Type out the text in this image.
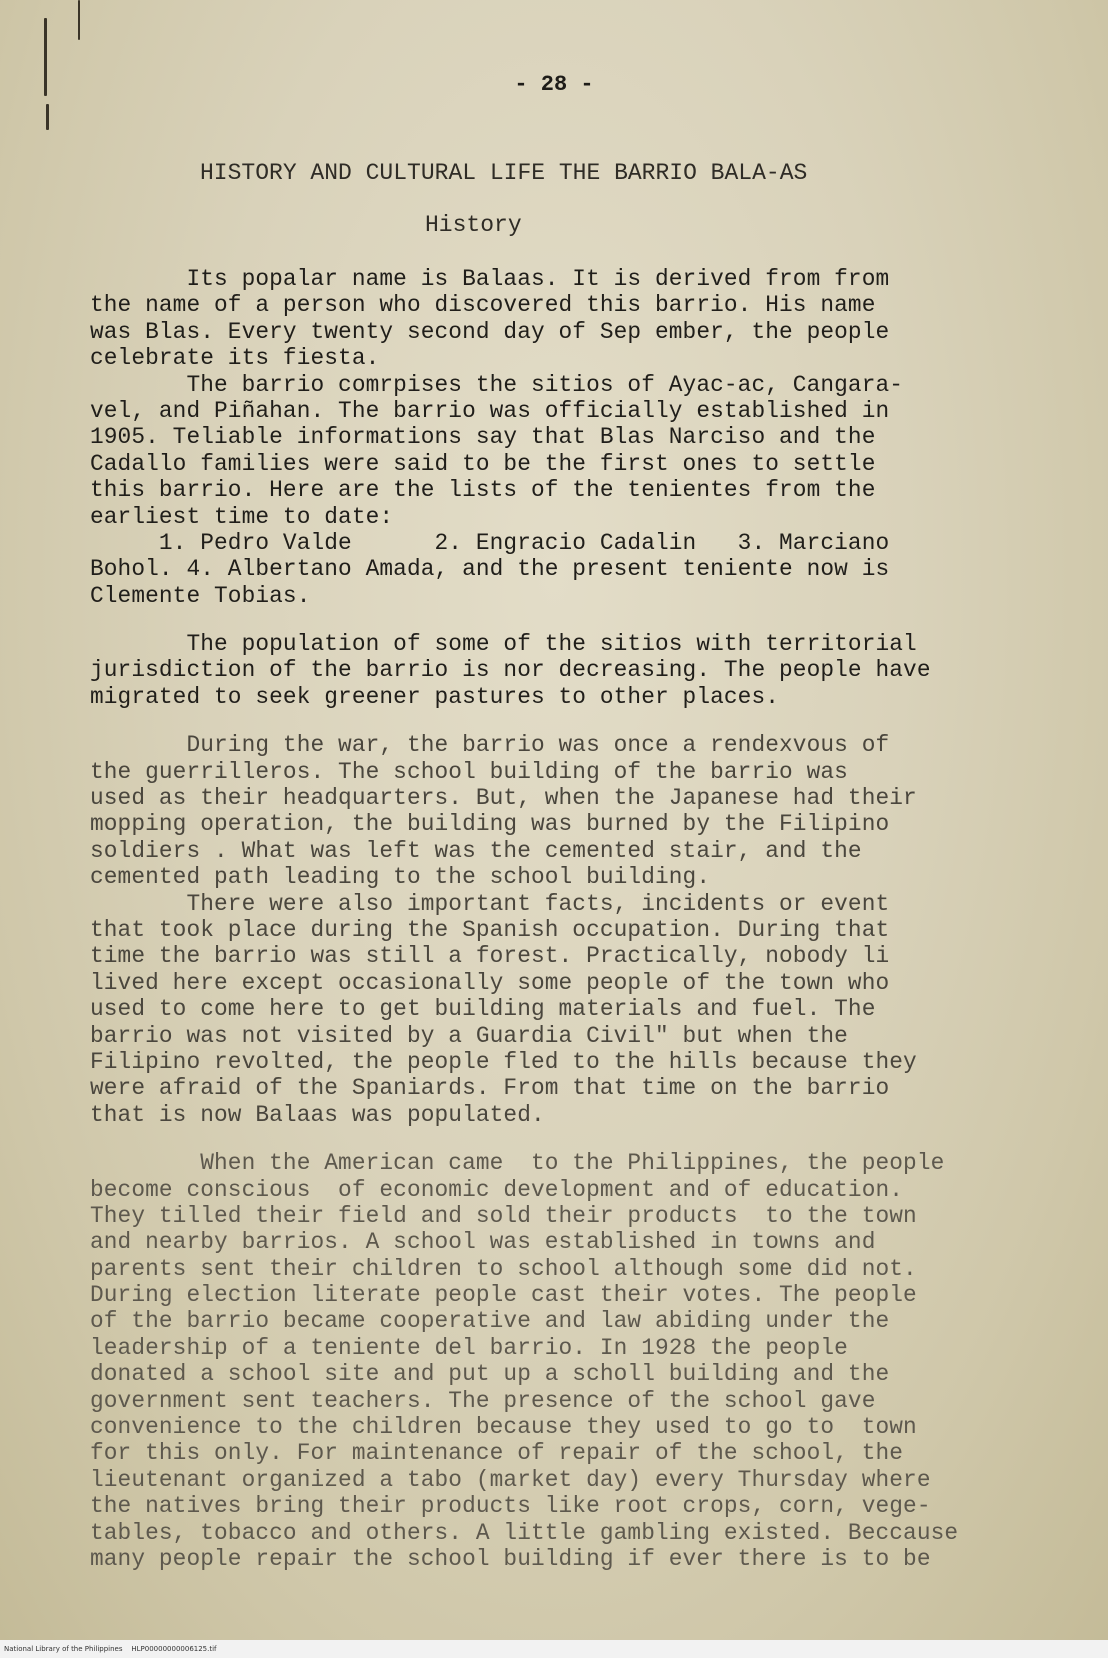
- 28 -
HISTORY AND CULTURAL LIFE THE BARRIO BALA-AS
History
Its popalar name is Balaas. It is derived from from
the name of a person who discovered this barrio. His name
was Blas. Every twenty second day of Sep ember, the people
celebrate its fiesta.
The barrio comrpises the sitios of Ayac-ac, Cangara-
vel, and Piñahan. The barrio was officially established in
1905. Teliable informations say that Blas Narciso and the
Cadallo families were said to be the first ones to settle
this barrio. Here are the lists of the tenientes from the
earliest time to date:
1. Pedro Valde      2. Engracio Cadalin   3. Marciano
Bohol. 4. Albertano Amada, and the present teniente now is
Clemente Tobias.
The population of some of the sitios with territorial
jurisdiction of the barrio is nor decreasing. The people have
migrated to seek greener pastures to other places.
During the war, the barrio was once a rendexvous of
the guerrilleros. The school building of the barrio was
used as their headquarters. But, when the Japanese had their
mopping operation, the building was burned by the Filipino
soldiers . What was left was the cemented stair, and the
cemented path leading to the school building.
There were also important facts, incidents or event
that took place during the Spanish occupation. During that
time the barrio was still a forest. Practically, nobody li
lived here except occasionally some people of the town who
used to come here to get building materials and fuel. The
barrio was not visited by a Guardia Civil" but when the
Filipino revolted, the people fled to the hills because they
were afraid of the Spaniards. From that time on the barrio
that is now Balaas was populated.
When the American came  to the Philippines, the people
become conscious  of economic development and of education.
They tilled their field and sold their products  to the town
and nearby barrios. A school was established in towns and
parents sent their children to school although some did not.
During election literate people cast their votes. The people
of the barrio became cooperative and law abiding under the
leadership of a teniente del barrio. In 1928 the people
donated a school site and put up a scholl building and the
government sent teachers. The presence of the school gave
convenience to the children because they used to go to  town
for this only. For maintenance of repair of the school, the
lieutenant organized a tabo (market day) every Thursday where
the natives bring their products like root crops, corn, vege-
tables, tobacco and others. A little gambling existed. Beccause
many people repair the school building if ever there is to be
National Library of the Philippines    HLP00000000006125.tif
